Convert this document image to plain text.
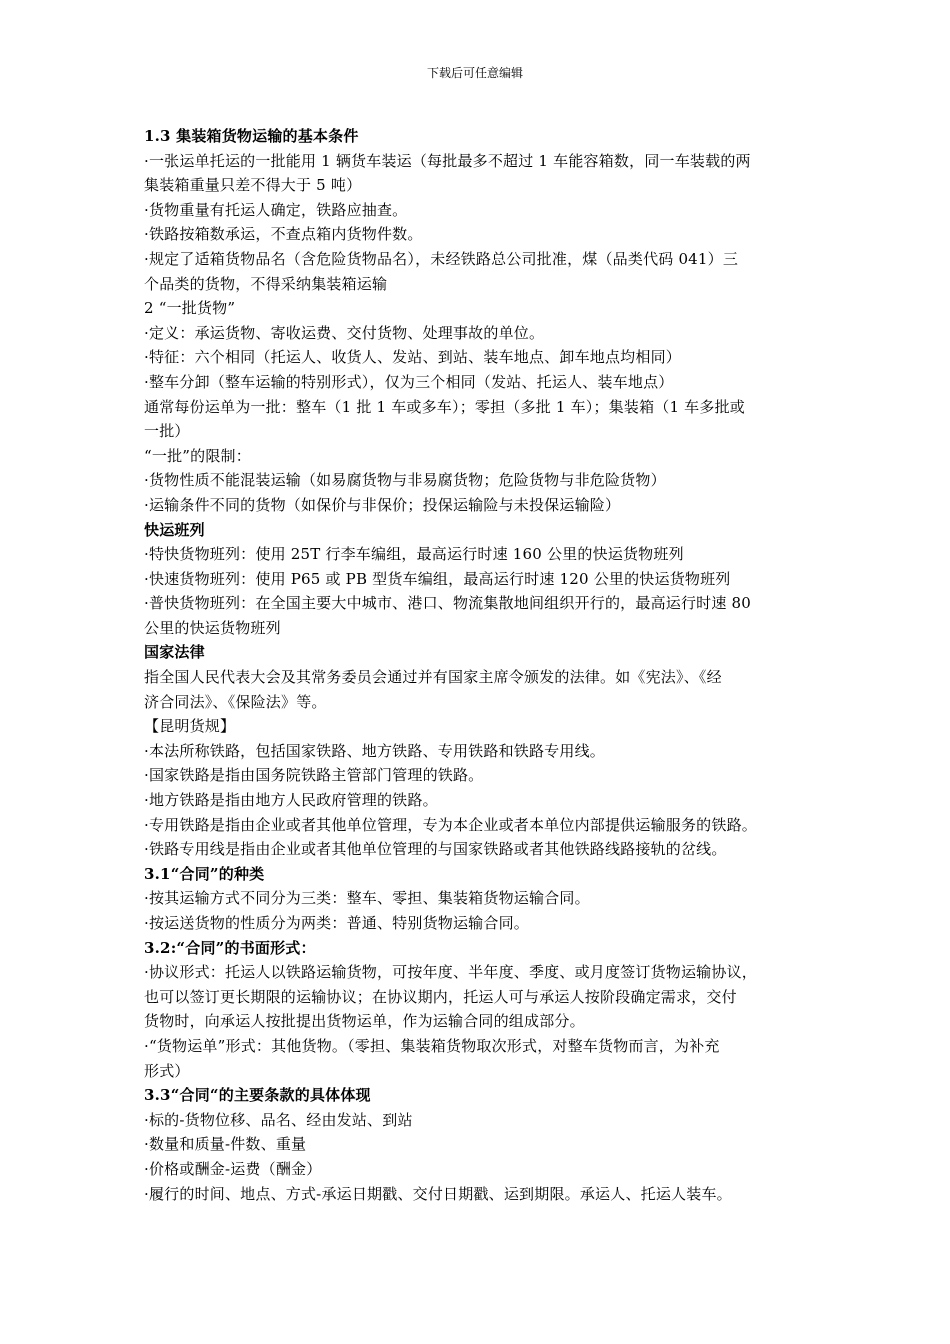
下载后可任意编辑
1.3 集装箱货物运输的基本条件
·一张运单托运的一批能用 1 辆货车装运（每批最多不超过 1 车能容箱数，同一车装载的两
集装箱重量只差不得大于 5 吨）
·货物重量有托运人确定，铁路应抽查。
·铁路按箱数承运，不查点箱内货物件数。
·规定了适箱货物品名（含危险货物品名），未经铁路总公司批准，煤（品类代码 041）三
个品类的货物，不得采纳集装箱运输
2 “一批货物”
·定义：承运货物、寄收运费、交付货物、处理事故的单位。
·特征：六个相同（托运人、收货人、发站、到站、装车地点、卸车地点均相同）
·整车分卸（整车运输的特别形式），仅为三个相同（发站、托运人、装车地点）
通常每份运单为一批：整车（1 批 1 车或多车）；零担（多批 1 车）；集装箱（1 车多批或
一批）
“一批”的限制：
·货物性质不能混装运输（如易腐货物与非易腐货物；危险货物与非危险货物）
·运输条件不同的货物（如保价与非保价；投保运输险与未投保运输险）
快运班列
·特快货物班列：使用 25T 行李车编组，最高运行时速 160 公里的快运货物班列
·快速货物班列：使用 P65 或 PB 型货车编组，最高运行时速 120 公里的快运货物班列
·普快货物班列：在全国主要大中城市、港口、物流集散地间组织开行的，最高运行时速 80
公里的快运货物班列
国家法律
指全国人民代表大会及其常务委员会通过并有国家主席令颁发的法律。如《宪法》、《经
济合同法》、《保险法》等。
【昆明货规】
·本法所称铁路，包括国家铁路、地方铁路、专用铁路和铁路专用线。
·国家铁路是指由国务院铁路主管部门管理的铁路。
·地方铁路是指由地方人民政府管理的铁路。
·专用铁路是指由企业或者其他单位管理，专为本企业或者本单位内部提供运输服务的铁路。
·铁路专用线是指由企业或者其他单位管理的与国家铁路或者其他铁路线路接轨的岔线。
3.1“合同”的种类
·按其运输方式不同分为三类：整车、零担、集装箱货物运输合同。
·按运送货物的性质分为两类：普通、特别货物运输合同。
3.2:“合同”的书面形式：
·协议形式：托运人以铁路运输货物，可按年度、半年度、季度、或月度签订货物运输协议，
也可以签订更长期限的运输协议；在协议期内，托运人可与承运人按阶段确定需求，交付
货物时，向承运人按批提出货物运单，作为运输合同的组成部分。
·“货物运单”形式：其他货物。（零担、集装箱货物取次形式，对整车货物而言，为补充
形式）
3.3“合同“的主要条款的具体体现
·标的-货物位移、品名、经由发站、到站
·数量和质量-件数、重量
·价格或酬金-运费（酬金）
·履行的时间、地点、方式-承运日期戳、交付日期戳、运到期限。承运人、托运人装车。
